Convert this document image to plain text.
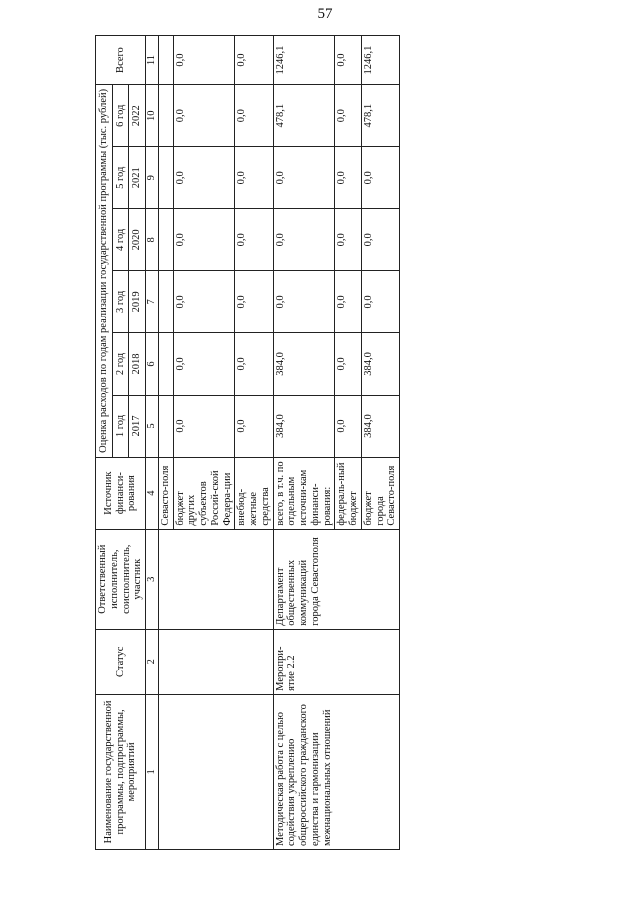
57
Наименование государственной программы, подпрограммы, мероприятий	Статус	Ответственный исполнитель, соисполнитель, участник	Источник финанси-рования	Оценка расходов по годам реализации государственной программы (тыс. рублей)						Всего
				1 год	2 год	3 год	4 год	5 год	6 год	
				2017	2018	2019	2020	2021	2022	
1	2	3	4	5	6	7	8	9	10	11
			Севасто-поля							
			бюджет других субъектов Россий-ской Федера-ции	0,0	0,0	0,0	0,0	0,0	0,0	0,0
			внебюд-жетные средства	0,0	0,0	0,0	0,0	0,0	0,0	0,0
Методическая работа с целью содействия укреплению общероссийского гражданского единства и гармонизации межнациональных отношений	Меропри-ятие 2.2	Департамент общественных коммуникаций города Севастополя	всего, в т.ч. по отдельным источни-кам финанси-рования:	384,0	384,0	0,0	0,0	0,0	478,1	1246,1
			федераль-ный бюджет	0,0	0,0	0,0	0,0	0,0	0,0	0,0
			бюджет города Севасто-поля	384,0	384,0	0,0	0,0	0,0	478,1	1246,1
